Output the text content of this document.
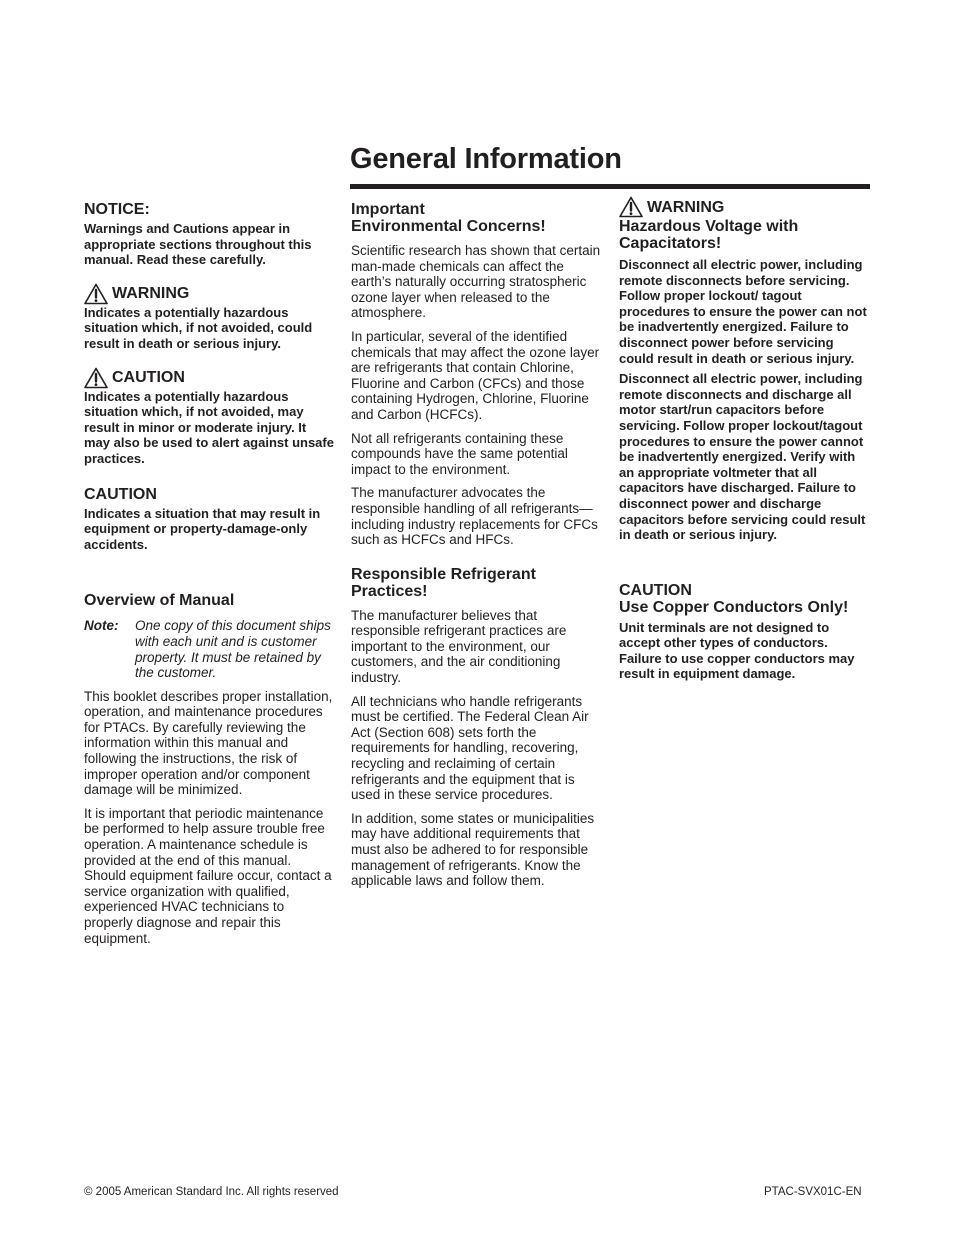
General Information
NOTICE:

Warnings and Cautions appear in appropriate sections throughout this manual. Read these carefully.

WARNING

Indicates a potentially hazardous situation which, if not avoided, could result in death or serious injury.

CAUTION

Indicates a potentially hazardous situation which, if not avoided, may result in minor or moderate injury. It may also be used to alert against unsafe practices.

CAUTION

Indicates a situation that may result in equipment or property-damage-only accidents.

Overview of Manual
Note:	One copy of this document ships with each unit and is customer property. It must be retained by the customer.

This booklet describes proper installation, operation, and maintenance procedures for PTACs. By carefully reviewing the information within this manual and following the instructions, the risk of improper operation and/or component damage will be minimized.

It is important that periodic maintenance be performed to help assure trouble free operation. A maintenance schedule is provided at the end of this manual. Should equipment failure occur, contact a service organization with qualified, experienced HVAC technicians to properly diagnose and repair this equipment.

Important
Environmental Concerns!

Scientific research has shown that certain man-made chemicals can affect the earth’s naturally occurring stratospheric ozone layer when released to the atmosphere.

In particular, several of the identified chemicals that may affect the ozone layer are refrigerants that contain Chlorine, Fluorine and Carbon (CFCs) and those containing Hydrogen, Chlorine, Fluorine and Carbon (HCFCs).

Not all refrigerants containing these compounds have the same potential impact to the environment.

The manufacturer advocates the responsible handling of all refrigerants—including industry replacements for CFCs such as HCFCs and HFCs.

Responsible Refrigerant Practices!

The manufacturer believes that responsible refrigerant practices are important to the environment, our customers, and the air conditioning industry.

All technicians who handle refrigerants must be certified. The Federal Clean Air Act (Section 608) sets forth the requirements for handling, recovering, recycling and reclaiming of certain refrigerants and the equipment that is used in these service procedures.

In addition, some states or municipalities may have additional requirements that must also be adhered to for responsible management of refrigerants. Know the applicable laws and follow them.

WARNING
Hazardous Voltage with Capacitators!

Disconnect all electric power, including remote disconnects before servicing. Follow proper lockout/ tagout procedures to ensure the power can not be inadvertently energized. Failure to disconnect power before servicing could result in death or serious injury.

Disconnect all electric power, including remote disconnects and discharge all motor start/run capacitors before servicing. Follow proper lockout/tagout procedures to ensure the power cannot be inadvertently energized. Verify with an appropriate voltmeter that all capacitors have discharged. Failure to disconnect power and discharge capacitors before servicing could result in death or serious injury.

CAUTION
Use Copper Conductors Only!

Unit terminals are not designed to accept other types of conductors. Failure to use copper conductors may result in equipment damage.

© 2005 American Standard Inc. All rights reserved	PTAC-SVX01C-EN
